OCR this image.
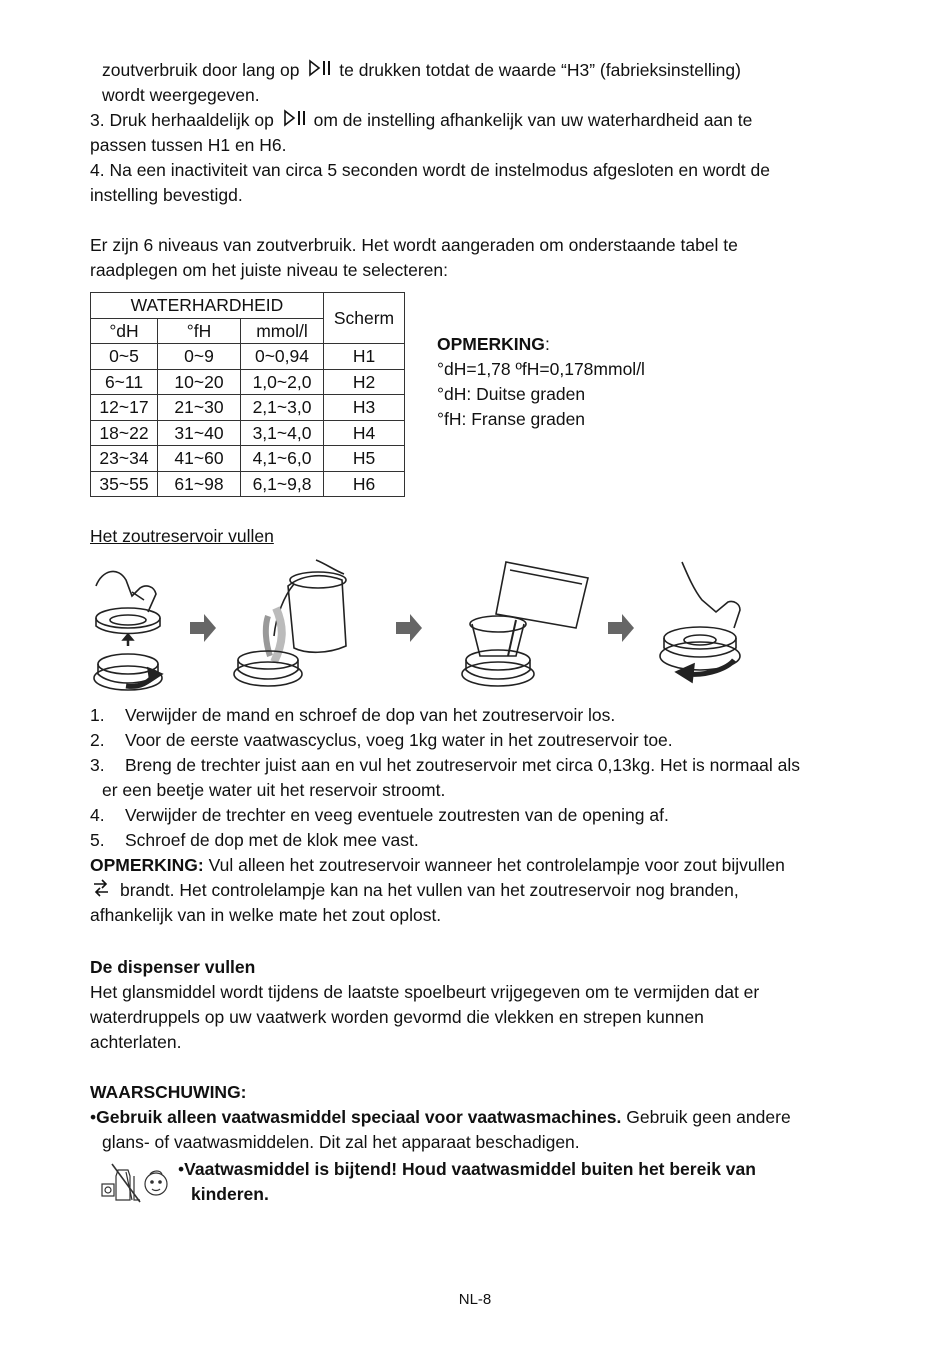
zoutverbruik door lang op te drukken totdat de waarde “H3” (fabrieksinstelling)

wordt weergegeven.

3. Druk herhaaldelijk op om de instelling afhankelijk van uw waterhardheid aan te

passen tussen H1 en H6.

4. Na een inactiviteit van circa 5 seconden wordt de instelmodus afgesloten en wordt de

instelling bevestigd.

Er zijn 6 niveaus van zoutverbruik. Het wordt aangeraden om onderstaande tabel te

raadplegen om het juiste niveau te selecteren:

WATERHARDHEID			Scherm
°dH	°fH	mmol/l	
0~5	0~9	0~0,94	H1
6~11	10~20	1,0~2,0	H2
12~17	21~30	2,1~3,0	H3
18~22	31~40	3,1~4,0	H4
23~34	41~60	4,1~6,0	H5
35~55	61~98	6,1~9,8	H6
OPMERKING:
°dH=1,78 ºfH=0,178mmol/l
°dH: Duitse graden
°fH: Franse graden

Het zoutreservoir vullen

1.	Verwijder de mand en schroef de dop van het zoutreservoir los.
2.	Voor de eerste vaatwascyclus, voeg 1kg water in het zoutreservoir toe.
3.	Breng de trechter juist aan en vul het zoutreservoir met circa 0,13kg. Het is normaal als
er een beetje water uit het reservoir stroomt.
4.	Verwijder de trechter en veeg eventuele zoutresten van de opening af.
5.	Schroef de dop met de klok mee vast.

OPMERKING: Vul alleen het zoutreservoir wanneer het controlelampje voor zout bijvullen

brandt. Het controlelampje kan na het vullen van het zoutreservoir nog branden,

afhankelijk van in welke mate het zout oplost.

De dispenser vullen

Het glansmiddel wordt tijdens de laatste spoelbeurt vrijgegeven om te vermijden dat er

waterdruppels op uw vaatwerk worden gevormd die vlekken en strepen kunnen

achterlaten.

WAARSCHUWING:

•Gebruik alleen vaatwasmiddel speciaal voor vaatwasmachines. Gebruik geen andere

glans- of vaatwasmiddelen. Dit zal het apparaat beschadigen.

•Vaatwasmiddel is bijtend! Houd vaatwasmiddel buiten het bereik van

kinderen.

NL-8
